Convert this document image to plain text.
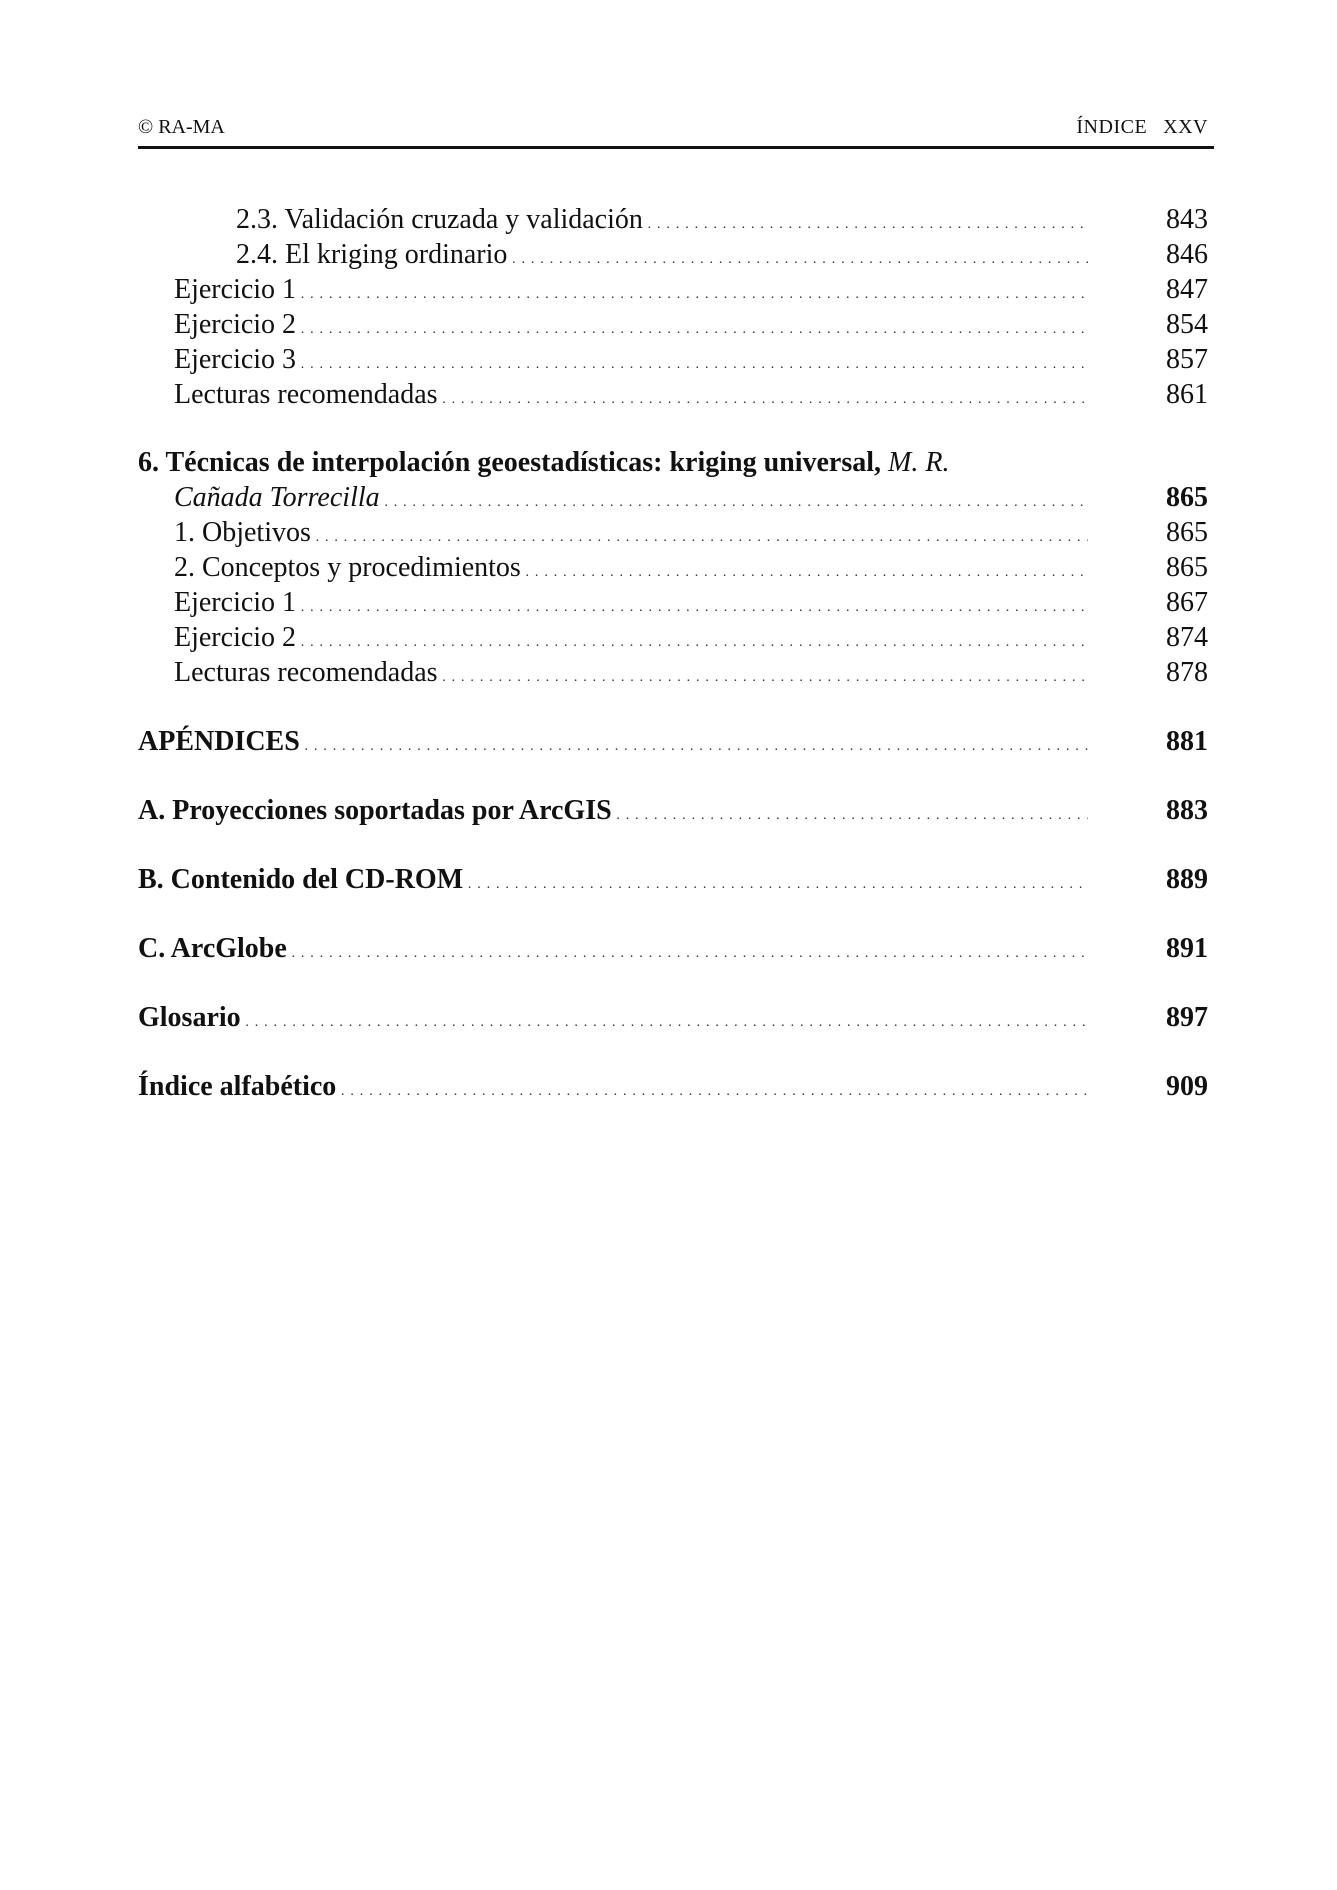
© RA-MA	ÍNDICE XXV
2.3. Validación cruzada y validación . . .	843
2.4. El kriging ordinario . . .	846
Ejercicio 1 . . .	847
Ejercicio 2 . . .	854
Ejercicio 3 . . .	857
Lecturas recomendadas . . .	861
6. Técnicas de interpolación geoestadísticas: kriging universal, M. R.
Cañada Torrecilla . . .	865
1. Objetivos . . .	865
2. Conceptos y procedimientos . . .	865
Ejercicio 1 . . .	867
Ejercicio 2 . . .	874
Lecturas recomendadas . . .	878
APÉNDICES . . .	881
A. Proyecciones soportadas por ArcGIS . . .	883
B. Contenido del CD-ROM . . .	889
C. ArcGlobe . . .	891
Glosario . . .	897
Índice alfabético . . .	909
